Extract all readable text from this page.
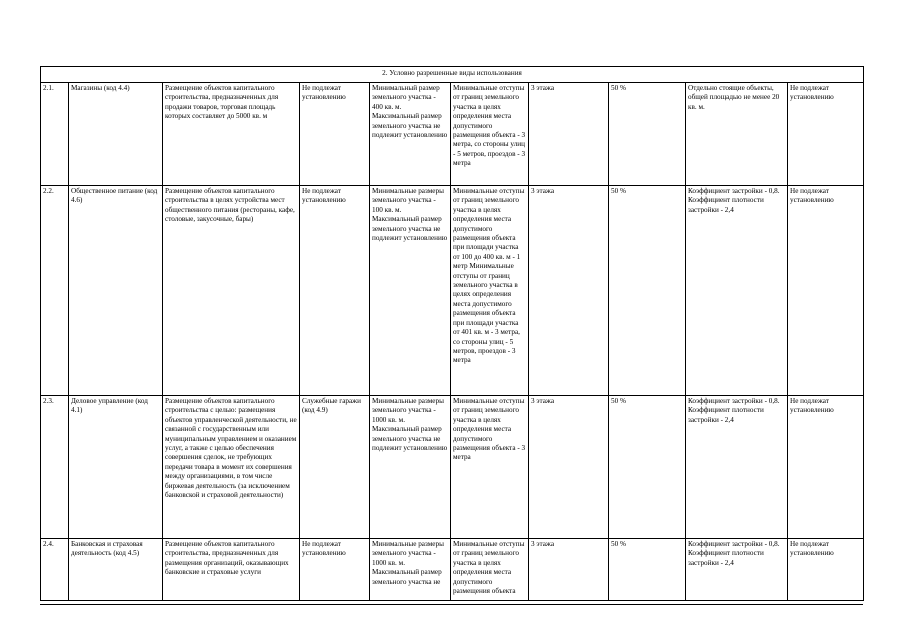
2. Условно разрешенные виды использования									
2.1.	Магазины (код 4.4)	Размещение объектов капитального строительства, предназначенных для продажи товаров, торговая площадь которых составляет до 5000 кв. м	Не подлежат установлению	Минимальный размер земельного участка - 400 кв. м. Максимальный размер земельного участка не подлежит установлению	Минимальные отступы от границ земельного участка в целях определения места допустимого размещения объекта - 3 метра, со стороны улиц - 5 метров, проездов - 3 метра	3 этажа	50 %	Отдельно стоящие объекты, общей площадью не менее 20 кв. м.	Не подлежат установлению
2.2.	Общественное питание (код 4.6)	Размещение объектов капитального строительства в целях устройства мест общественного питания (рестораны, кафе, столовые, закусочные, бары)	Не подлежат установлению	Минимальные размеры земельного участка - 100 кв. м. Максимальный размер земельного участка не подлежит установлению	Минимальные отступы от границ земельного участка в целях определения места допустимого размещения объекта при площади участка от 100 до 400 кв. м - 1 метр Минимальные отступы от границ земельного участка в целях определения места допустимого размещения объекта при площади участка от 401 кв. м - 3 метра, со стороны улиц - 5 метров, проездов - 3 метра	3 этажа	50 %	Коэффициент застройки - 0,8. Коэффициент плотности застройки - 2,4	Не подлежат установлению
2.3.	Деловое управление (код 4.1)	Размещение объектов капитального строительства с целью: размещения объектов управленческой деятельности, не связанной с государственным или муниципальным управлением и оказанием услуг, а также с целью обеспечения совершения сделок, не требующих передачи товара в момент их совершения между организациями, в том числе биржевая деятельность (за исключением банковской и страховой деятельности)	Служебные гаражи (код 4.9)	Минимальные размеры земельного участка - 1000 кв. м. Максимальный размер земельного участка не подлежит установлению	Минимальные отступы от границ земельного участка в целях определения места допустимого размещения объекта - 3 метра	3 этажа	50 %	Коэффициент застройки - 0,8. Коэффициент плотности застройки - 2,4	Не подлежат установлению
2.4.	Банковская и страховая деятельность (код 4.5)	Размещение объектов капитального строительства, предназначенных для размещения организаций, оказывающих банковские и страховые услуги	Не подлежат установлению	Минимальные размеры земельного участка - 1000 кв. м. Максимальный размер земельного участка не	Минимальные отступы от границ земельного участка в целях определения места допустимого размещения объекта	3 этажа	50 %	Коэффициент застройки - 0,8. Коэффициент плотности застройки - 2,4	Не подлежат установлению
